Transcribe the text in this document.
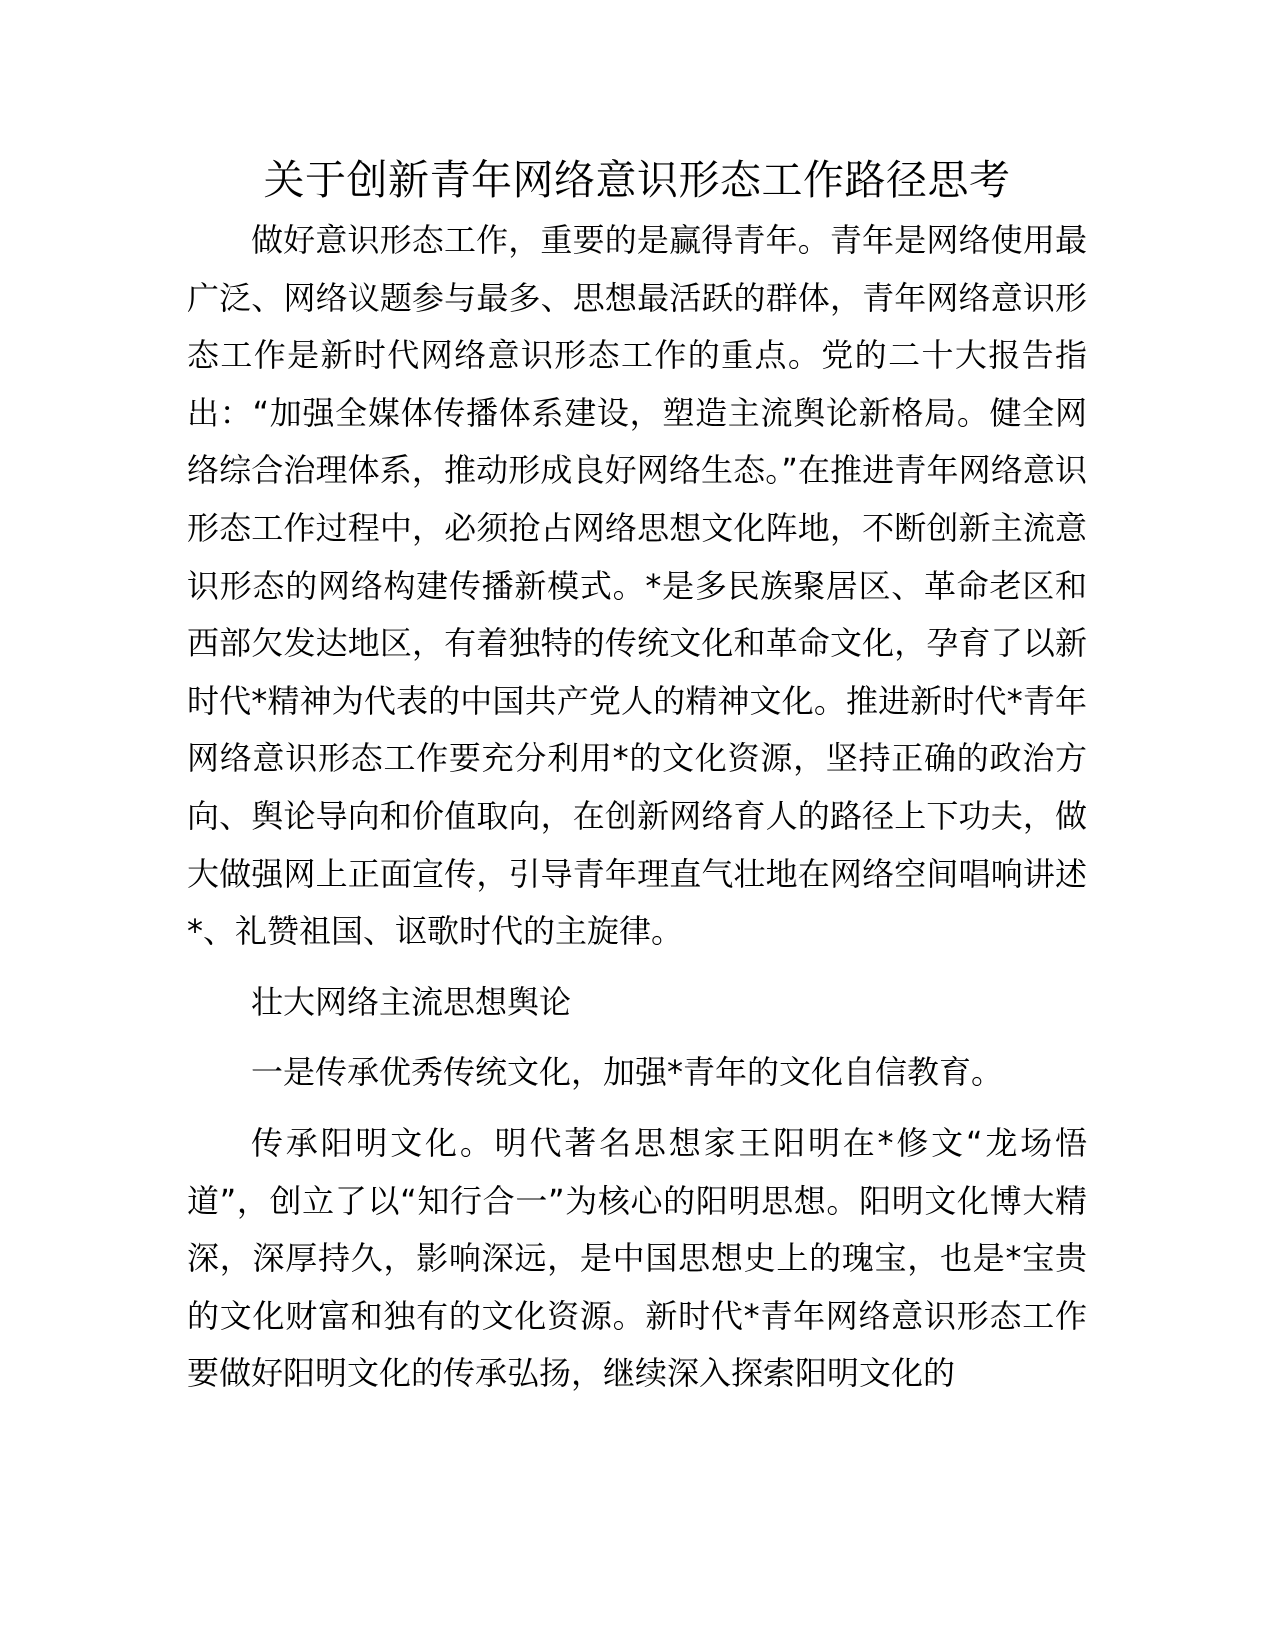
关于创新青年网络意识形态工作路径思考

做好意识形态工作，重要的是赢得青年。青年是网络使用最广泛、网络议题参与最多、思想最活跃的群体，青年网络意识形态工作是新时代网络意识形态工作的重点。党的二十大报告指出：“加强全媒体传播体系建设，塑造主流舆论新格局。健全网络综合治理体系，推动形成良好网络生态。”在推进青年网络意识形态工作过程中，必须抢占网络思想文化阵地，不断创新主流意识形态的网络构建传播新模式。*是多民族聚居区、革命老区和西部欠发达地区，有着独特的传统文化和革命文化，孕育了以新时代*精神为代表的中国共产党人的精神文化。推进新时代*青年网络意识形态工作要充分利用*的文化资源，坚持正确的政治方向、舆论导向和价值取向，在创新网络育人的路径上下功夫，做大做强网上正面宣传，引导青年理直气壮地在网络空间唱响讲述*、礼赞祖国、讴歌时代的主旋律。

壮大网络主流思想舆论

一是传承优秀传统文化，加强*青年的文化自信教育。

传承阳明文化。明代著名思想家王阳明在*修文“龙场悟道”，创立了以“知行合一”为核心的阳明思想。阳明文化博大精深，深厚持久，影响深远，是中国思想史上的瑰宝，也是*宝贵的文化财富和独有的文化资源。新时代*青年网络意识形态工作要做好阳明文化的传承弘扬，继续深入探索阳明文化的
